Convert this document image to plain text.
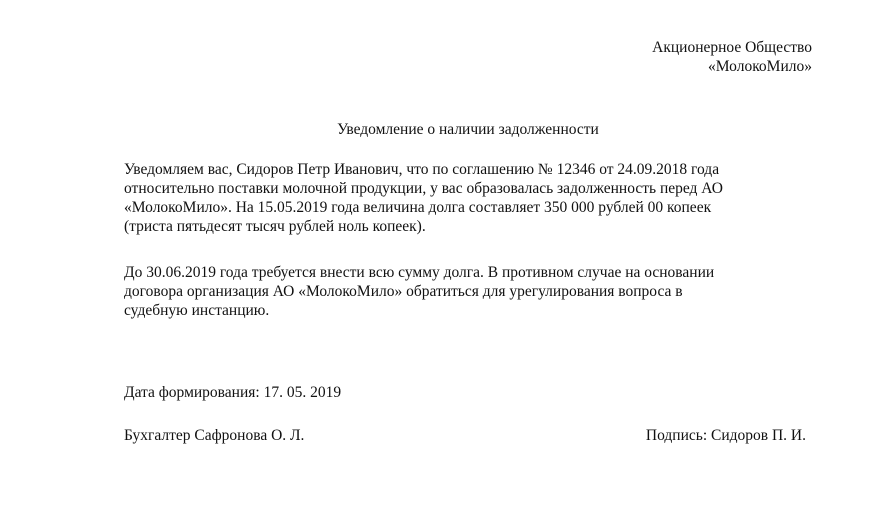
Акционерное Общество
«МолокоМило»
Уведомление о наличии задолженности
Уведомляем вас, Сидоров Петр Иванович, что по соглашению № 12346 от 24.09.2018 года
относительно поставки молочной продукции, у вас образовалась задолженность перед АО
«МолокоМило». На 15.05.2019 года величина долга составляет 350 000 рублей 00 копеек
(триста пятьдесят тысяч рублей ноль копеек).
До 30.06.2019 года требуется внести всю сумму долга. В противном случае на основании
договора организация АО «МолокоМило» обратиться для урегулирования вопроса в
судебную инстанцию.
Дата формирования: 17. 05. 2019
Бухгалтер Сафронова О. Л.	Подпись: Сидоров П. И.
